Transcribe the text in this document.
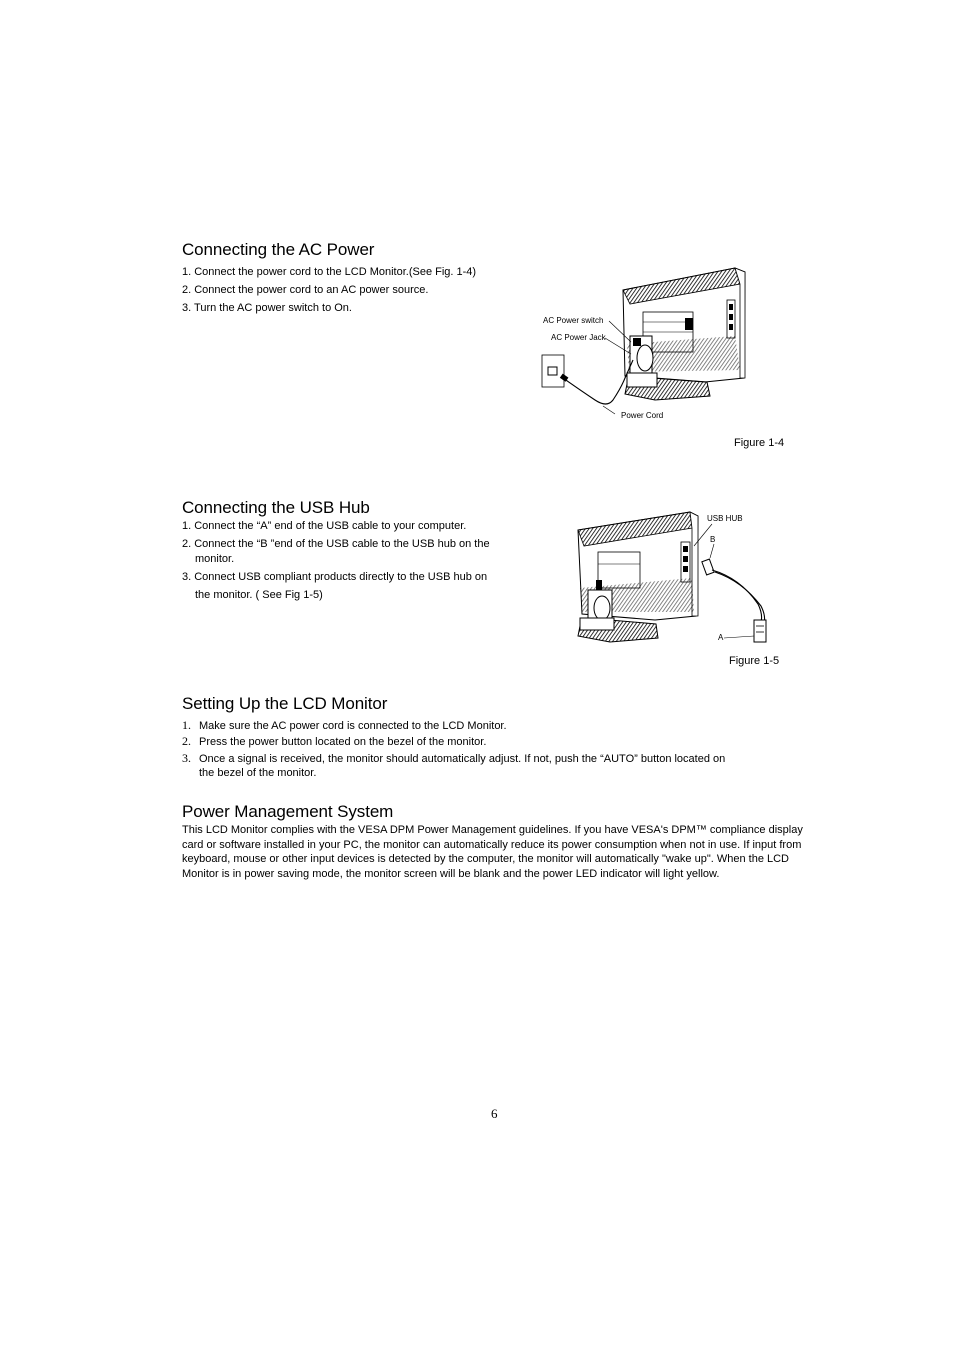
Connecting the AC Power
1. Connect the power cord to the LCD Monitor.(See Fig. 1-4)
2. Connect the power cord to an AC power source.
3. Turn the AC power switch to On.
AC Power switch
AC Power Jack
Power Cord
Figure 1-4
Connecting the USB Hub
1. Connect the “A” end of the USB cable to your computer.
2. Connect the “B ”end of the USB cable to the USB hub on the
monitor.
3. Connect USB compliant products directly to the USB hub on
the monitor. ( See Fig 1-5)
USB HUB
B
A
Figure 1-5
Setting Up the LCD Monitor
1. Make sure the AC power cord is connected to the LCD Monitor.
2. Press the power button located on the bezel of the monitor.
3. Once a signal is received, the monitor should automatically adjust. If not, push the “AUTO” button located on
the bezel of the monitor.
Power Management System
This LCD Monitor complies with the VESA DPM Power Management guidelines. If you have VESA's DPM™ compliance display card or software installed in your PC, the monitor can automatically reduce its power consumption when not in use. If input from keyboard, mouse or other input devices is detected by the computer, the monitor will automatically "wake up". When the LCD Monitor is in power saving mode, the monitor screen will be blank and the power LED indicator will light yellow.
6
